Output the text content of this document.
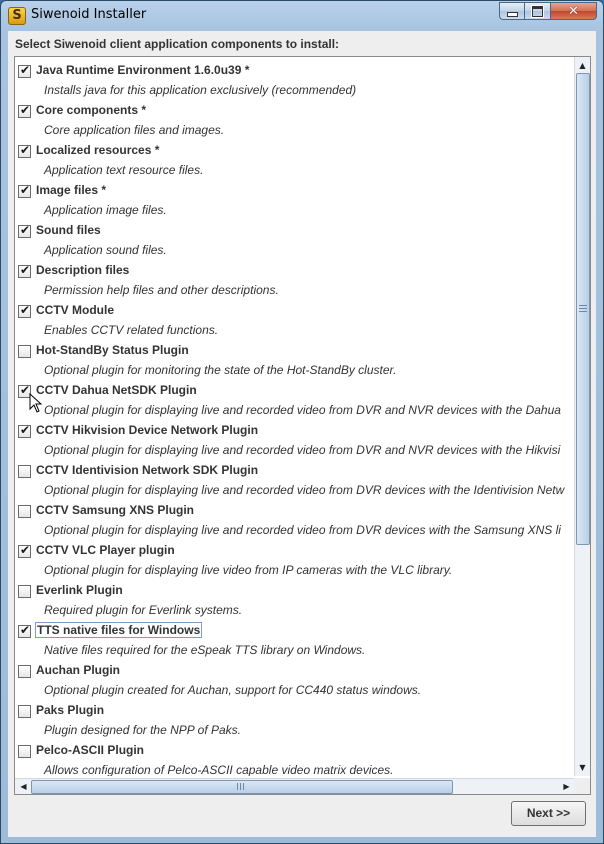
S Siwenoid Installer	✕
Select Siwenoid client application components to install:
✔ Java Runtime Environment 1.6.0u39 *
Installs java for this application exclusively (recommended)
✔ Core components *
Core application files and images.
✔ Localized resources *
Application text resource files.
✔ Image files *
Application image files.
✔ Sound files
Application sound files.
✔ Description files
Permission help files and other descriptions.
✔ CCTV Module
Enables CCTV related functions.
Hot-StandBy Status Plugin
Optional plugin for monitoring the state of the Hot-StandBy cluster.
✔ CCTV Dahua NetSDK Plugin
Optional plugin for displaying live and recorded video from DVR and NVR devices with the Dahua
✔ CCTV Hikvision Device Network Plugin
Optional plugin for displaying live and recorded video from DVR and NVR devices with the Hikvisi
CCTV Identivision Network SDK Plugin
Optional plugin for displaying live and recorded video from DVR devices with the Identivision Netw
CCTV Samsung XNS Plugin
Optional plugin for displaying live and recorded video from DVR devices with the Samsung XNS li
✔ CCTV VLC Player plugin
Optional plugin for displaying live video from IP cameras with the VLC library.
Everlink Plugin
Required plugin for Everlink systems.
✔ TTS native files for Windows
Native files required for the eSpeak TTS library on Windows.
Auchan Plugin
Optional plugin created for Auchan, support for CC440 status windows.
Paks Plugin
Plugin designed for the NPP of Paks.
Pelco-ASCII Plugin
Allows configuration of Pelco-ASCII capable video matrix devices.
▲
▼
◀	▶
Next >>
